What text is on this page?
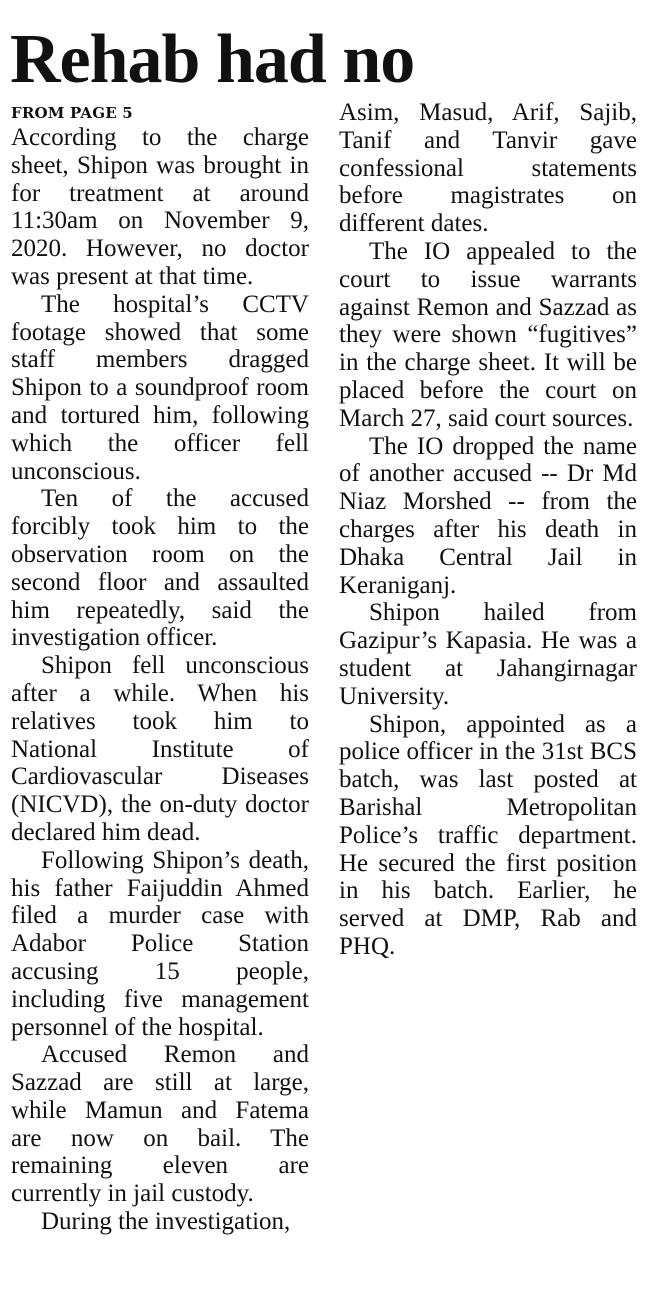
Rehab had no
FROM PAGE 5

According to the charge sheet, Shipon was brought in for treatment at around 11:30am on November 9, 2020. However, no doctor was present at that time.

The hospital’s CCTV footage showed that some staff members dragged Shipon to a soundproof room and tortured him, following which the officer fell unconscious.

Ten of the accused forcibly took him to the observation room on the second floor and assaulted him repeatedly, said the investigation officer.

Shipon fell unconscious after a while. When his relatives took him to National Institute of Cardiovascular Diseases (NICVD), the on-duty doctor declared him dead.

Following Shipon’s death, his father Faijuddin Ahmed filed a murder case with Adabor Police Station accusing 15 people, including five management personnel of the hospital.

Accused Remon and Sazzad are still at large, while Mamun and Fatema are now on bail. The remaining eleven are currently in jail custody.

During the investigation,

Asim, Masud, Arif, Sajib, Tanif and Tanvir gave confessional statements before magistrates on different dates.

The IO appealed to the court to issue warrants against Remon and Sazzad as they were shown “fugitives” in the charge sheet. It will be placed before the court on March 27, said court sources.

The IO dropped the name of another accused -- Dr Md Niaz Morshed -- from the charges after his death in Dhaka Central Jail in Keraniganj.

Shipon hailed from Gazipur’s Kapasia. He was a student at Jahangirnagar University.

Shipon, appointed as a police officer in the 31st BCS batch, was last posted at Barishal Metropolitan Police’s traffic department. He secured the first position in his batch. Earlier, he served at DMP, Rab and PHQ.
